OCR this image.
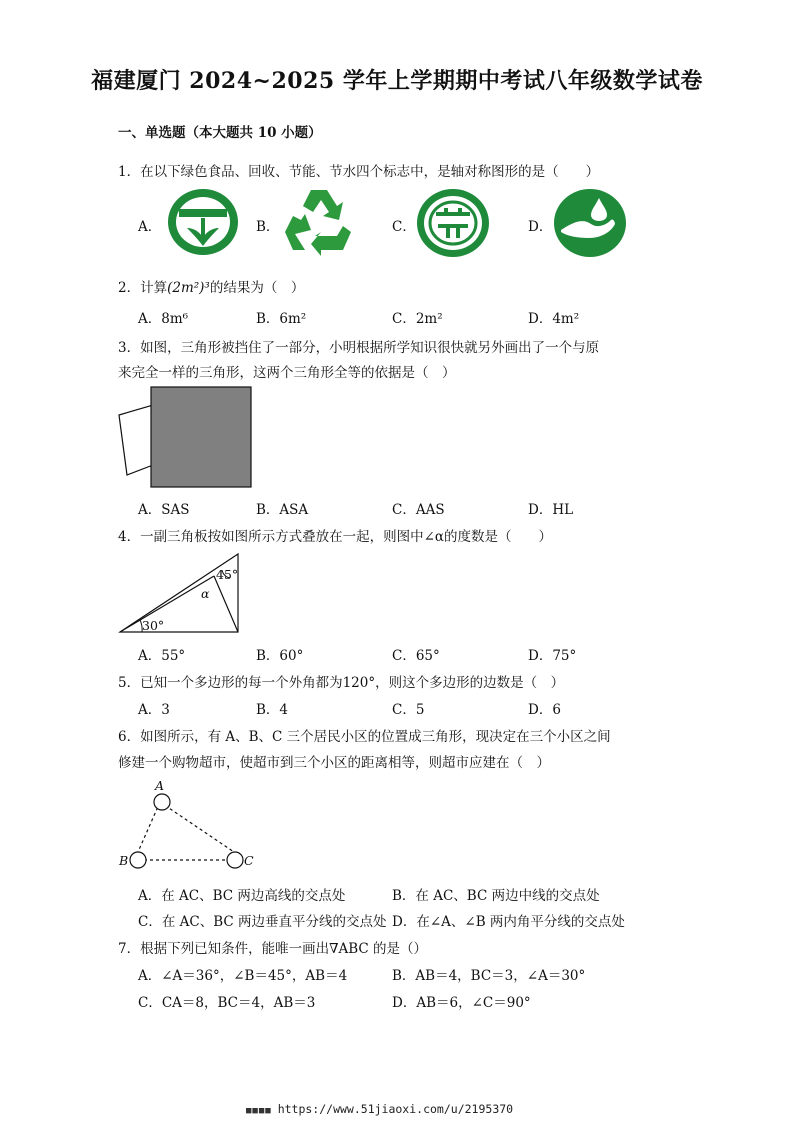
福建厦门 2024~2025 学年上学期期中考试八年级数学试卷
一、单选题（本大题共 10 小题）
1．在以下绿色食品、回收、节能、节水四个标志中，是轴对称图形的是（　　）
A．	B．	C．	D．
2．计算(2m²)³的结果为（　）
A．8m⁶	B．6m²	C．2m²	D．4m²
3．如图，三角形被挡住了一部分，小明根据所学知识很快就另外画出了一个与原
来完全一样的三角形，这两个三角形全等的依据是（　）
A．SAS	B．ASA	C．AAS	D．HL
4．一副三角板按如图所示方式叠放在一起，则图中∠α的度数是（　　）
45°
α
30°
A．55°	B．60°	C．65°	D．75°
5．已知一个多边形的每一个外角都为120°，则这个多边形的边数是（　）
A．3	B．4	C．5	D．6
6．如图所示，有 A、B、C 三个居民小区的位置成三角形，现决定在三个小区之间
修建一个购物超市，使超市到三个小区的距离相等，则超市应建在（　）
A
B	C
A．在 AC、BC 两边高线的交点处	B．在 AC、BC 两边中线的交点处
C．在 AC、BC 两边垂直平分线的交点处 D．在∠A、∠B 两内角平分线的交点处
7．根据下列已知条件，能唯一画出∇ABC 的是（）
A．∠A＝36°，∠B＝45°，AB＝4	B．AB＝4，BC＝3，∠A＝30°
C．CA＝8，BC＝4，AB＝3	D．AB＝6，∠C＝90°
■■■■ https://www.51jiaoxi.com/u/2195370
